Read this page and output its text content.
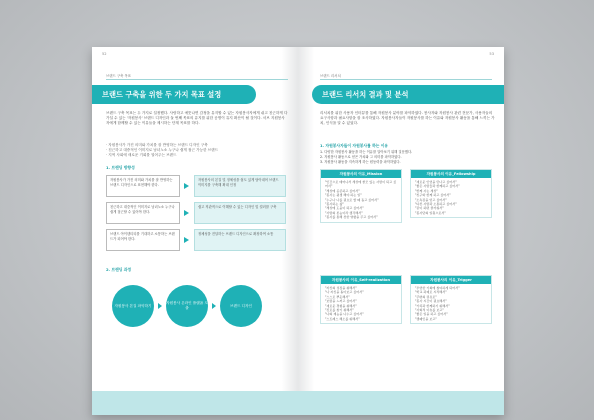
52
브랜드 구축 목표
브랜드 구축을 위한 두 가지 목표 설정
브랜드 구축 목표는 두 가지로 설정했다. 사랑하고 애틋나면 감정을 유지할 수 있는 자원봉사자에게 쉬고 친근하게 다가설 수 있는 '자원봉사' 브랜드 디자인과 둘 번째 목표의 유지를 위한 공명이 유지 확산이 될 것이다. 서브 지원봉사자에게 함께할 수 있는 이유들을 제시하는 단계 목표를 하다.
· 자원봉사가 가진 의미와 가치를 잘 반영하는 브랜드 디자인 구축
· 친근하고 대중적인 이미지로 남녀노소 누구나 쉽게 접근 가능한 브랜드
· 지역 사회에 새로운 기회를 열어주는 브랜드
1. 브랜딩 방향성
자원봉사가 가진 의미와 가치를 잘 반영하는 브랜드 디자인으로 표현해야 한다.
자원봉사의 본질 및 정체성을 쉽도 있게 담아내어 브랜드 이미지를 구축해 확대 인정
친근하고 대중적인 이미지로 남녀노소 누구나 쉽게 접근할 수 있어야 한다.
쉽고 직관적으로 이해할 수 있는 디자인 및 컬러를 구축
브랜드 아이덴티티를 기대하고 소통하는 브랜드가 되어야 한다.
정체성을 전달하는 브랜드 디자인으로 확장하여 소통
2. 브랜딩 과정
자원봉사 본질 파악하기
자원봉사 온라인 플랫폼 도출
브랜드 디자인
53
브랜드 리서치
브랜드 리서치 결과 및 분석
리서치를 위한 사용자 인터뷰를 통해 자원봉사 분야를 파악하였다. 봉사자와 자원봉사 관련 전문가, 사용자들의 요구사항과 필요사항을 잘 조사하였다. 자원봉사자들이 자원봉사를 하는 이유와 자원봉사 활동을 통해 느끼는 가치, 인식을 알 수 있었다.
1. 자원봉사자들이 자원봉사를 하는 이유
1. 다양한 자원봉사 활동을 하는 이유를 알아보기 위해 질문했다.
2. 자원봉사 활동으로 얻은 가치와 그 의미를 파악하였다.
3. 자원봉사 활동을 지속하게 하는 원동력을 파악하였다.
자원봉사의 이유_Mission
"인간으로 태어나서 세상에 쓸모 있는 사람이 되고 싶어서"
"세상에 공존하고 싶어서"
"봉사는 평생 해야 하는 일"
"누구나 나를 필요로 할 때 돕고 싶어서"
"봉사하는 삶"
"세상에 도움이 되고 싶어서"
"사람의 본능이라 생각해서"
"봉사를 통해 선한 영향을 주고 싶어서"
자원봉사의 이유_Fellowship
"새로운 인연을 만나고 싶어서"
"좋은 사람들과 함께하고 싶어서"
"함께 사는 세상"
"친구와 함께 하고 싶어서"
"소속감을 얻고 싶어서"
"다른 사람과 소통하고 싶어서"
"같이 하면 즐거워서"
"봉사단의 일원으로서"
자원봉사의 이유_Self-realization
"자신의 성장을 위해서"
"나 자신을 돌아보고 싶어서"
"스스로 뿌듯해서"
"보람을 느끼고 싶어서"
"새로운 경험을 위해서"
"진로를 찾기 위해서"
"나의 재능을 나누고 싶어서"
"스트레스 해소를 위해서"
자원봉사의 이유_Trigger
"우연한 기회에 참여하게 되어서"
"학교 과제로 시작해서"
"주변의 권유로"
"봉사 시간이 필요해서"
"가족과 함께하기 위해서"
"사회적 이슈를 보고"
"좋은 일을 하고 싶어서"
"캠페인을 보고"
